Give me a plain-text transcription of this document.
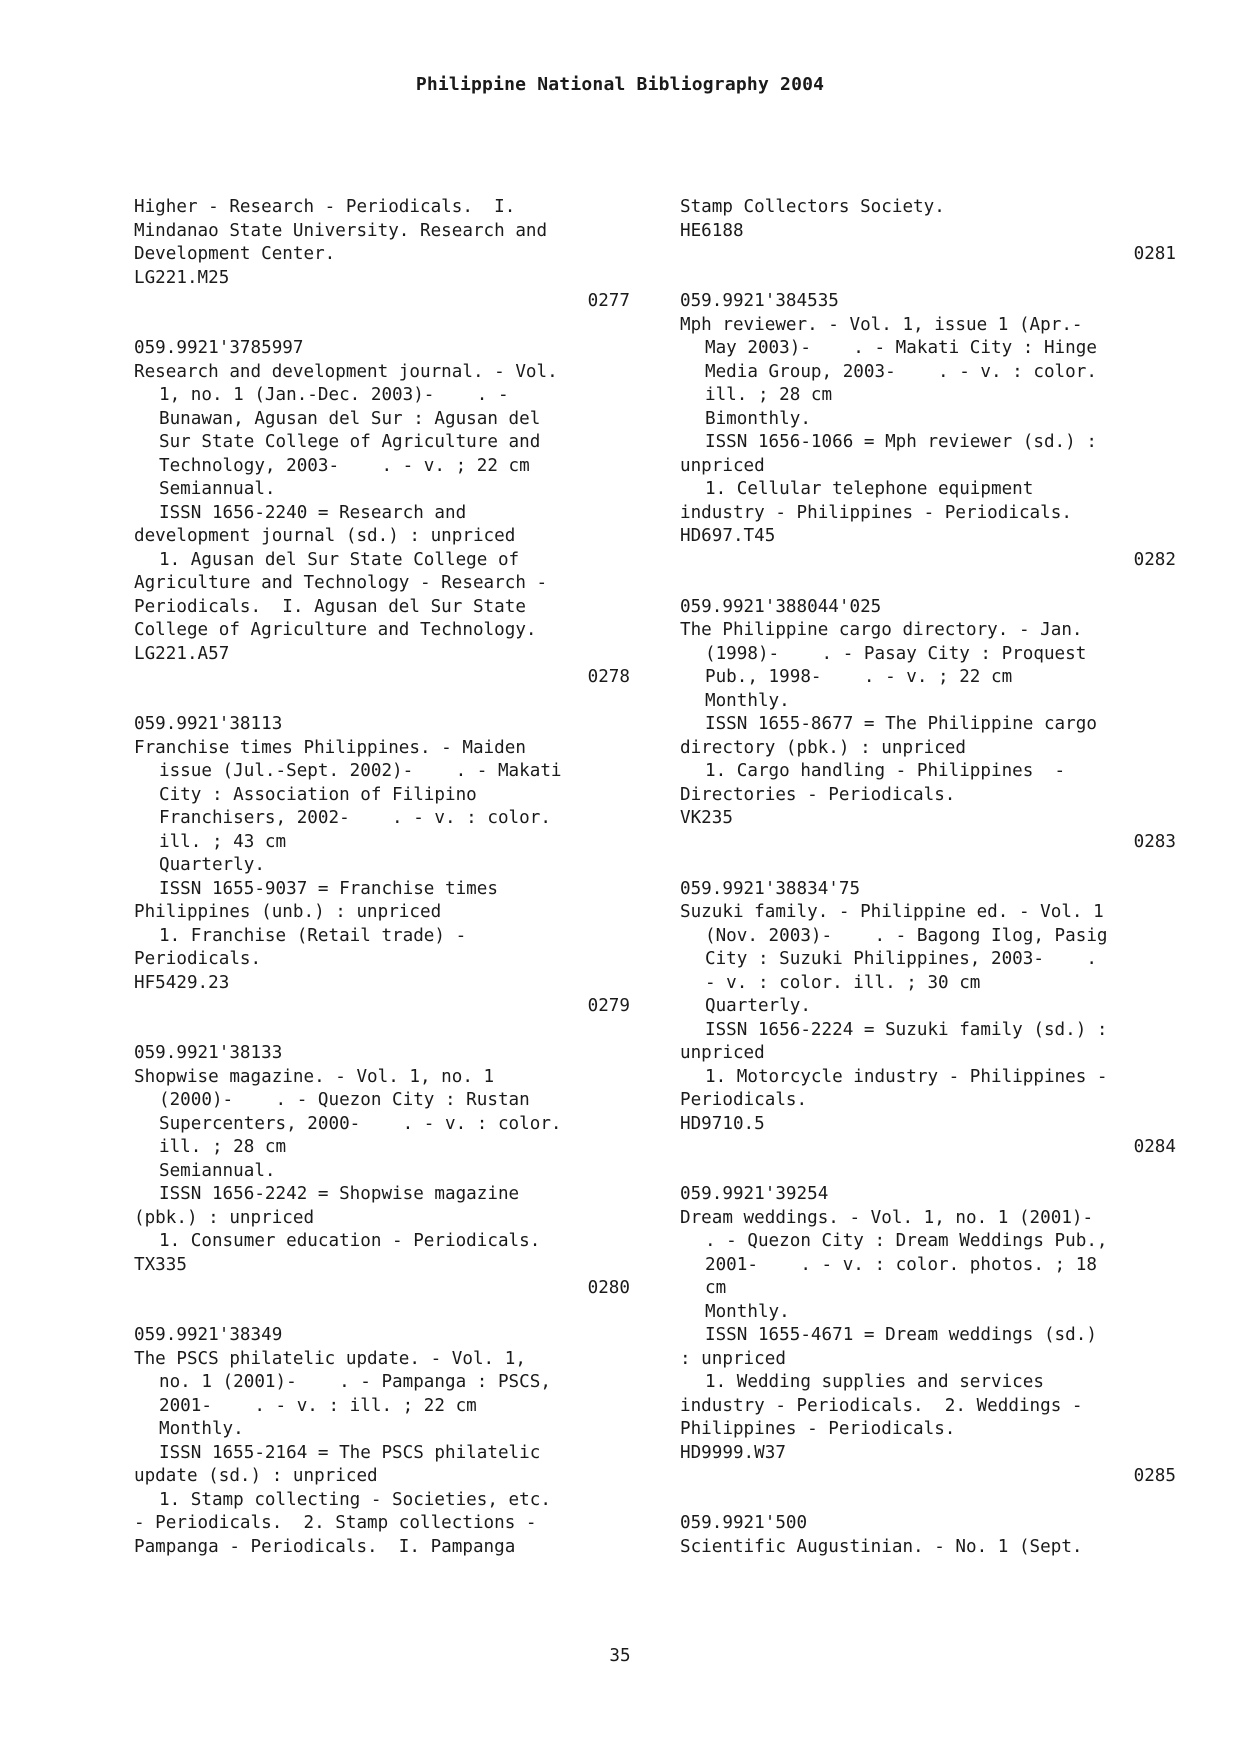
Philippine National Bibliography 2004
Higher - Research - Periodicals.  I.
Mindanao State University. Research and
Development Center.
LG221.M25
0277
059.9921'3785997
Research and development journal. - Vol.
1, no. 1 (Jan.-Dec. 2003)-    . -
Bunawan, Agusan del Sur : Agusan del
Sur State College of Agriculture and
Technology, 2003-    . - v. ; 22 cm
Semiannual.
ISSN 1656-2240 = Research and
development journal (sd.) : unpriced
1. Agusan del Sur State College of
Agriculture and Technology - Research -
Periodicals.  I. Agusan del Sur State
College of Agriculture and Technology.
LG221.A57
0278
059.9921'38113
Franchise times Philippines. - Maiden
issue (Jul.-Sept. 2002)-    . - Makati
City : Association of Filipino
Franchisers, 2002-    . - v. : color.
ill. ; 43 cm
Quarterly.
ISSN 1655-9037 = Franchise times
Philippines (unb.) : unpriced
1. Franchise (Retail trade) -
Periodicals.
HF5429.23
0279
059.9921'38133
Shopwise magazine. - Vol. 1, no. 1
(2000)-    . - Quezon City : Rustan
Supercenters, 2000-    . - v. : color.
ill. ; 28 cm
Semiannual.
ISSN 1656-2242 = Shopwise magazine
(pbk.) : unpriced
1. Consumer education - Periodicals.
TX335
0280
059.9921'38349
The PSCS philatelic update. - Vol. 1,
no. 1 (2001)-    . - Pampanga : PSCS,
2001-    . - v. : ill. ; 22 cm
Monthly.
ISSN 1655-2164 = The PSCS philatelic
update (sd.) : unpriced
1. Stamp collecting - Societies, etc.
- Periodicals.  2. Stamp collections -
Pampanga - Periodicals.  I. Pampanga
Stamp Collectors Society.
HE6188
0281
059.9921'384535
Mph reviewer. - Vol. 1, issue 1 (Apr.-
May 2003)-    . - Makati City : Hinge
Media Group, 2003-    . - v. : color.
ill. ; 28 cm
Bimonthly.
ISSN 1656-1066 = Mph reviewer (sd.) :
unpriced
1. Cellular telephone equipment
industry - Philippines - Periodicals.
HD697.T45
0282
059.9921'388044'025
The Philippine cargo directory. - Jan.
(1998)-    . - Pasay City : Proquest
Pub., 1998-    . - v. ; 22 cm
Monthly.
ISSN 1655-8677 = The Philippine cargo
directory (pbk.) : unpriced
1. Cargo handling - Philippines  -
Directories - Periodicals.
VK235
0283
059.9921'38834'75
Suzuki family. - Philippine ed. - Vol. 1
(Nov. 2003)-    . - Bagong Ilog, Pasig
City : Suzuki Philippines, 2003-    .
- v. : color. ill. ; 30 cm
Quarterly.
ISSN 1656-2224 = Suzuki family (sd.) :
unpriced
1. Motorcycle industry - Philippines -
Periodicals.
HD9710.5
0284
059.9921'39254
Dream weddings. - Vol. 1, no. 1 (2001)-
. - Quezon City : Dream Weddings Pub.,
2001-    . - v. : color. photos. ; 18
cm
Monthly.
ISSN 1655-4671 = Dream weddings (sd.)
: unpriced
1. Wedding supplies and services
industry - Periodicals.  2. Weddings -
Philippines - Periodicals.
HD9999.W37
0285
059.9921'500
Scientific Augustinian. - No. 1 (Sept.
35
